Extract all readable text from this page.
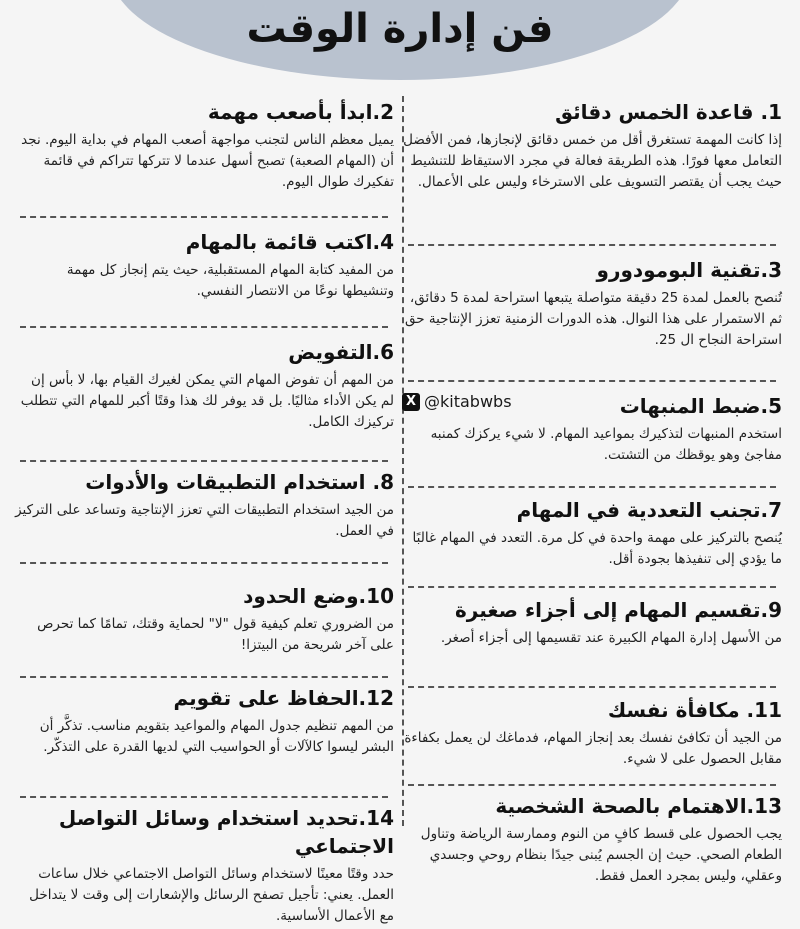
فن إدارة الوقت
1. قاعدة الخمس دقائق

إذا كانت المهمة تستغرق أقل من خمس دقائق لإنجازها، فمن الأفضل التعامل معها فورًا. هذه الطريقة فعالة في مجرد الاستيقاظ للتنشيط حيث يجب أن يقتصر التسويف على الاسترخاء وليس على الأعمال.

3.تقنية البومودورو

تُنصح بالعمل لمدة 25 دقيقة متواصلة يتبعها استراحة لمدة 5 دقائق، ثم الاستمرار على هذا النوال. هذه الدورات الزمنية تعزز الإنتاجية حق استراحة النجاح ال 25.

5.ضبط المنبهات
X @kitabwbs

استخدم المنبهات لتذكيرك بمواعيد المهام. لا شيء يركزك كمنبه مفاجئ وهو يوقظك من التشتت.

7.تجنب التعددية في المهام

يُنصح بالتركيز على مهمة واحدة في كل مرة. التعدد في المهام غالبًا ما يؤدي إلى تنفيذها بجودة أقل.

9.تقسيم المهام إلى أجزاء صغيرة

من الأسهل إدارة المهام الكبيرة عند تقسيمها إلى أجزاء أصغر.

11. مكافأة نفسك

من الجيد أن تكافئ نفسك بعد إنجاز المهام، فدماغك لن يعمل بكفاءة مقابل الحصول على لا شيء.

13.الاهتمام بالصحة الشخصية

يجب الحصول على قسط كافٍ من النوم وممارسة الرياضة وتناول الطعام الصحي. حيث إن الجسم يُبنى جيدًا بنظام روحي وجسدي وعقلي، وليس بمجرد العمل فقط.

2.ابدأ بأصعب مهمة

يميل معظم الناس لتجنب مواجهة أصعب المهام في بداية اليوم. نجد أن (المهام الصعبة) تصبح أسهل عندما لا تتركها تتراكم في قائمة تفكيرك طوال اليوم.

4.اكتب قائمة بالمهام

من المفيد كتابة المهام المستقبلية، حيث يتم إنجاز كل مهمة وتنشيطها نوعًا من الانتصار النفسي.

6.التفويض

من المهم أن تفوض المهام التي يمكن لغيرك القيام بها، لا بأس إن لم يكن الأداء مثاليًا. بل قد يوفر لك هذا وقتًا أكبر للمهام التي تتطلب تركيزك الكامل.

8. استخدام التطبيقات والأدوات

من الجيد استخدام التطبيقات التي تعزز الإنتاجية وتساعد على التركيز في العمل.

10.وضع الحدود

من الضروري تعلم كيفية قول "لا" لحماية وقتك، تمامًا كما تحرص على آخر شريحة من البيتزا!

12.الحفاظ على تقويم

من المهم تنظيم جدول المهام والمواعيد بتقويم مناسب. تذكَّر أن البشر ليسوا كالآلات أو الحواسيب التي لديها القدرة على التذكّر.

14.تحديد استخدام وسائل التواصل الاجتماعي

حدد وقتًا معينًا لاستخدام وسائل التواصل الاجتماعي خلال ساعات العمل. يعني: تأجيل تصفح الرسائل والإشعارات إلى وقت لا يتداخل مع الأعمال الأساسية.
